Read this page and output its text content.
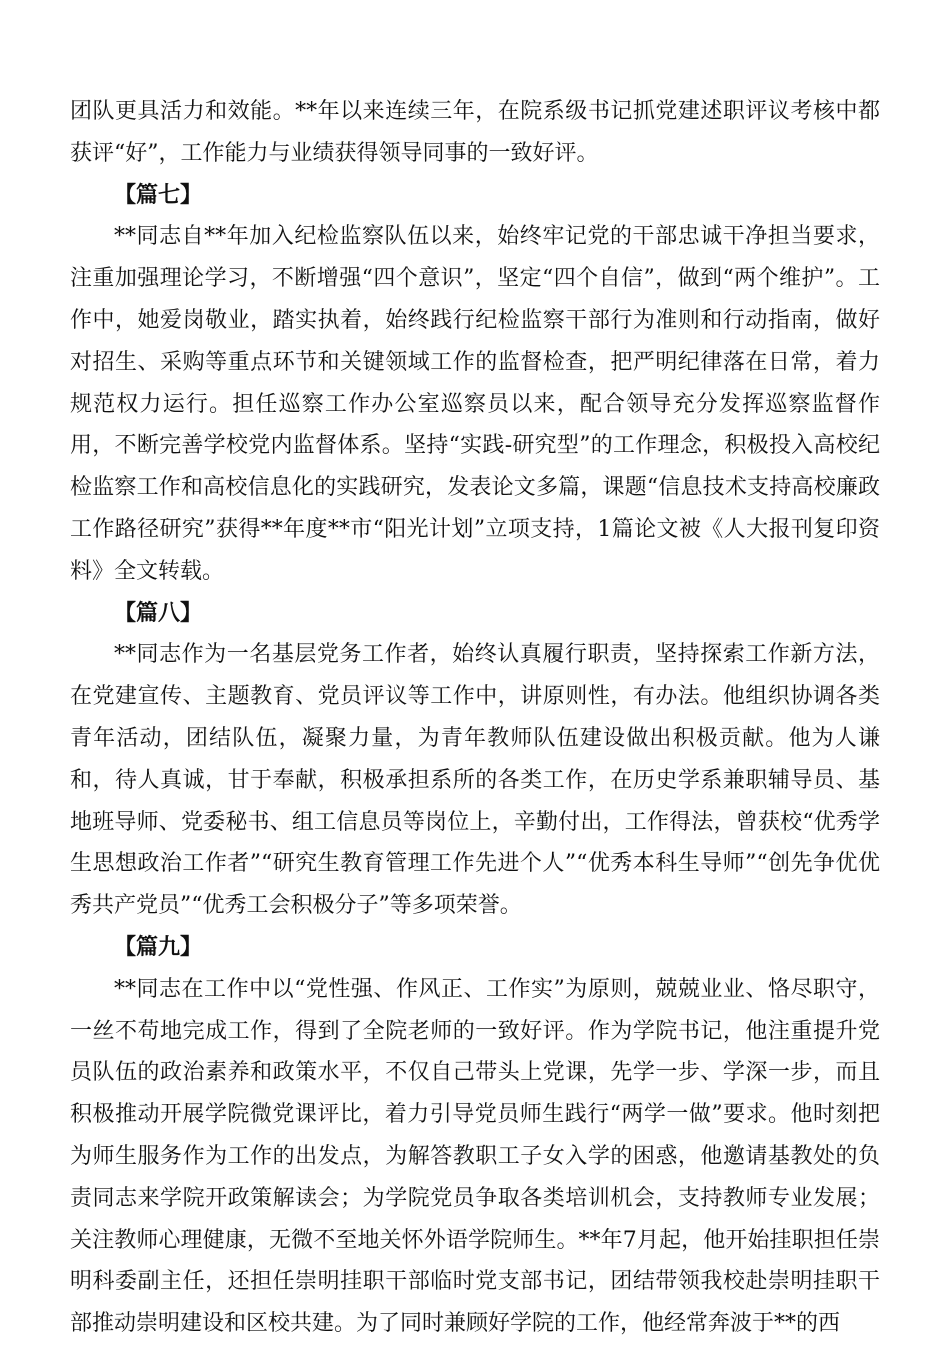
团队更具活力和效能。**年以来连续三年，在院系级书记抓党建述职评议考核中都获评“好”，工作能力与业绩获得领导同事的一致好评。

【篇七】

**同志自**年加入纪检监察队伍以来，始终牢记党的干部忠诚干净担当要求，注重加强理论学习，不断增强“四个意识”，坚定“四个自信”，做到“两个维护”。工作中，她爱岗敬业，踏实执着，始终践行纪检监察干部行为准则和行动指南，做好对招生、采购等重点环节和关键领域工作的监督检查，把严明纪律落在日常，着力规范权力运行。担任巡察工作办公室巡察员以来，配合领导充分发挥巡察监督作用，不断完善学校党内监督体系。坚持“实践-研究型”的工作理念，积极投入高校纪检监察工作和高校信息化的实践研究，发表论文多篇，课题“信息技术支持高校廉政工作路径研究”获得**年度**市“阳光计划”立项支持，1篇论文被《人大报刊复印资料》全文转载。

【篇八】

**同志作为一名基层党务工作者，始终认真履行职责，坚持探索工作新方法，在党建宣传、主题教育、党员评议等工作中，讲原则性，有办法。他组织协调各类青年活动，团结队伍，凝聚力量，为青年教师队伍建设做出积极贡献。他为人谦和，待人真诚，甘于奉献，积极承担系所的各类工作，在历史学系兼职辅导员、基地班导师、党委秘书、组工信息员等岗位上，辛勤付出，工作得法，曾获校“优秀学生思想政治工作者”“研究生教育管理工作先进个人”“优秀本科生导师”“创先争优优秀共产党员”“优秀工会积极分子”等多项荣誉。

【篇九】

**同志在工作中以“党性强、作风正、工作实”为原则，兢兢业业、恪尽职守，一丝不苟地完成工作，得到了全院老师的一致好评。作为学院书记，他注重提升党员队伍的政治素养和政策水平，不仅自己带头上党课，先学一步、学深一步，而且积极推动开展学院微党课评比，着力引导党员师生践行“两学一做”要求。他时刻把为师生服务作为工作的出发点，为解答教职工子女入学的困惑，他邀请基教处的负责同志来学院开政策解读会；为学院党员争取各类培训机会，支持教师专业发展；关注教师心理健康，无微不至地关怀外语学院师生。**年7月起，他开始挂职担任崇明科委副主任，还担任崇明挂职干部临时党支部书记，团结带领我校赴崇明挂职干部推动崇明建设和区校共建。为了同时兼顾好学院的工作，他经常奔波于**的西
